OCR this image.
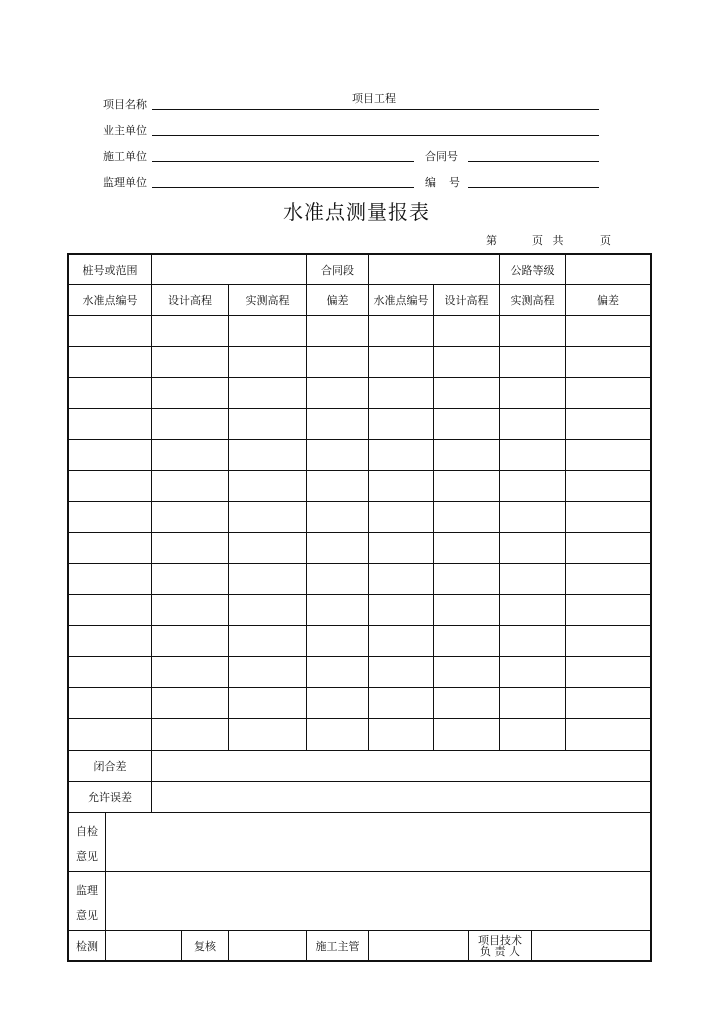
项目名称	项目工程
业主单位
施工单位	合同号
监理单位	编 号
水准点测量报表
第	页 共	页
桩号或范围	合同段	公路等级
水准点编号	设计高程	实测高程	偏差	水准点编号	设计高程	实测高程	偏差
闭合差
允许误差
自检
意见
监理
意见
检测	复核	施工主管	项目技术
负 责 人
